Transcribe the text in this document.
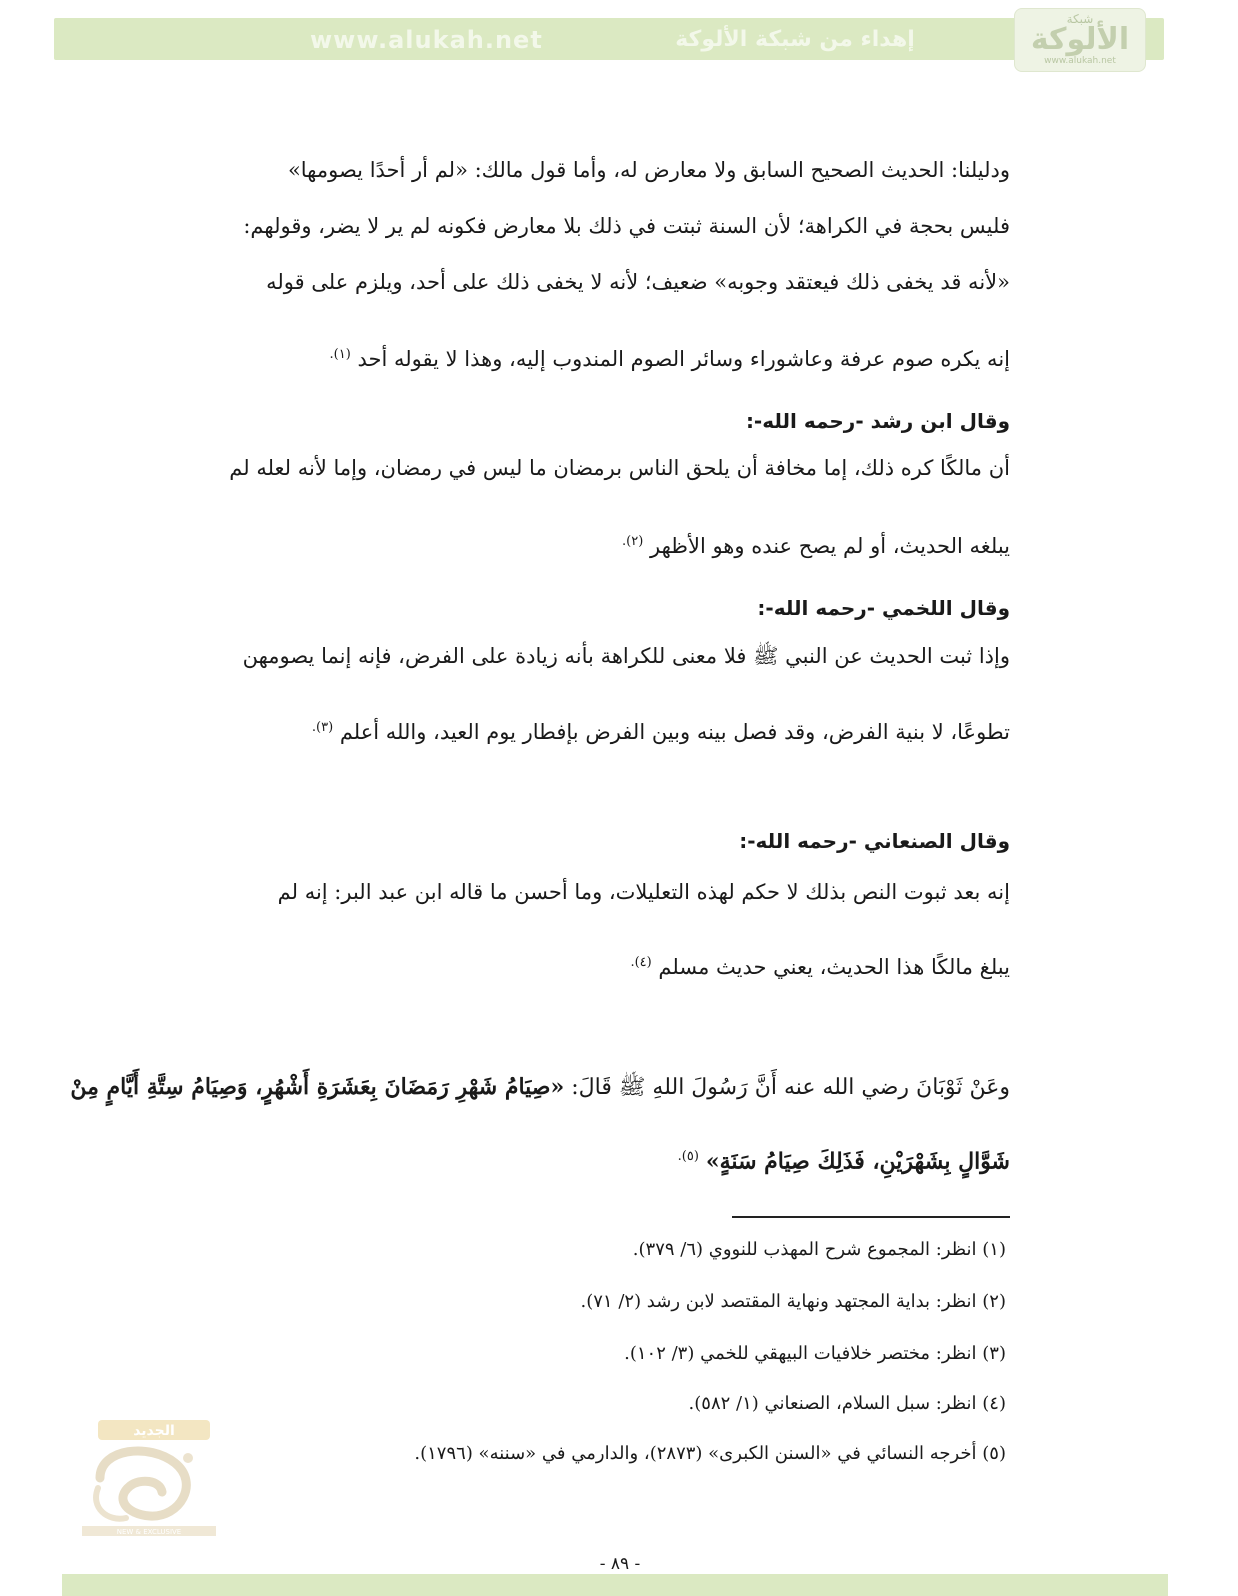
www.alukah.net	إهداء من شبكة الألوكة
شبكة
الألوكة
www.alukah.net
ودليلنا: الحديث الصحيح السابق ولا معارض له، وأما قول مالك: «لم أر أحدًا يصومها»
فليس بحجة في الكراهة؛ لأن السنة ثبتت في ذلك بلا معارض فكونه لم ير لا يضر، وقولهم:
«لأنه قد يخفى ذلك فيعتقد وجوبه» ضعيف؛ لأنه لا يخفى ذلك على أحد، ويلزم على قوله
إنه يكره صوم عرفة وعاشوراء وسائر الصوم المندوب إليه، وهذا لا يقوله أحد $^{(١).}$
وقال ابن رشد -رحمه الله-:
أن مالكًا كره ذلك، إما مخافة أن يلحق الناس برمضان ما ليس في رمضان، وإما لأنه لعله لم
يبلغه الحديث، أو لم يصح عنده وهو الأظهر $^{(٢).}$
وقال اللخمي -رحمه الله-:
وإذا ثبت الحديث عن النبي ﷺ فلا معنى للكراهة بأنه زيادة على الفرض، فإنه إنما يصومهن
تطوعًا، لا بنية الفرض، وقد فصل بينه وبين الفرض بإفطار يوم العيد، والله أعلم $^{(٣).}$
وقال الصنعاني -رحمه الله-:
إنه بعد ثبوت النص بذلك لا حكم لهذه التعليلات، وما أحسن ما قاله ابن عبد البر: إنه لم
يبلغ مالكًا هذا الحديث، يعني حديث مسلم $^{(٤).}$
وعَنْ ثَوْبَانَ رضي الله عنه أَنَّ رَسُولَ اللهِ ﷺ قَالَ: «صِيَامُ شَهْرِ رَمَضَانَ بِعَشَرَةِ أَشْهُرٍ، وَصِيَامُ سِتَّةِ أَيَّامٍ مِنْ
شَوَّالٍ بِشَهْرَيْنِ، فَذَلِكَ صِيَامُ سَنَةٍ» $^{(٥).}$
(١) انظر: المجموع شرح المهذب للنووي (٦/ ٣٧٩).
(٢) انظر: بداية المجتهد ونهاية المقتصد لابن رشد (٢/ ٧١).
(٣) انظر: مختصر خلافيات البيهقي للخمي (٣/ ١٠٢).
(٤) انظر: سبل السلام، الصنعاني (١/ ٥٨٢).
(٥) أخرجه النسائي في «السنن الكبرى» (٢٨٧٣)، والدارمي في «سننه» (١٧٩٦).
NEW & EXCLUSIVE
الجديد
- ٨٩ -
